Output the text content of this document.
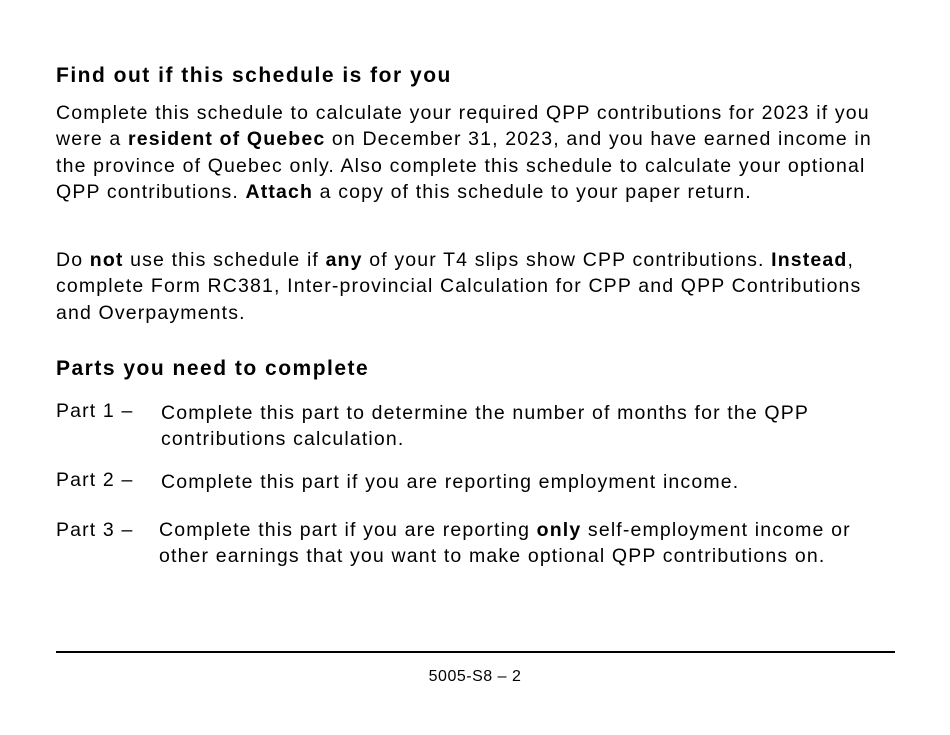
Find out if this schedule is for you

Complete this schedule to calculate your required QPP contributions for 2023 if you were a resident of Quebec on December 31, 2023, and you have earned income in the province of Quebec only. Also complete this schedule to calculate your optional QPP contributions. Attach a copy of this schedule to your paper return.

Do not use this schedule if any of your T4 slips show CPP contributions. Instead, complete Form RC381, Inter-provincial Calculation for CPP and QPP Contributions and Overpayments.

Parts you need to complete
Part 1 – Complete this part to determine the number of months for the QPP contributions calculation.
Part 2 – Complete this part if you are reporting employment income.
Part 3 – Complete this part if you are reporting only self-employment income or other earnings that you want to make optional QPP contributions on.
5005-S8 – 2
